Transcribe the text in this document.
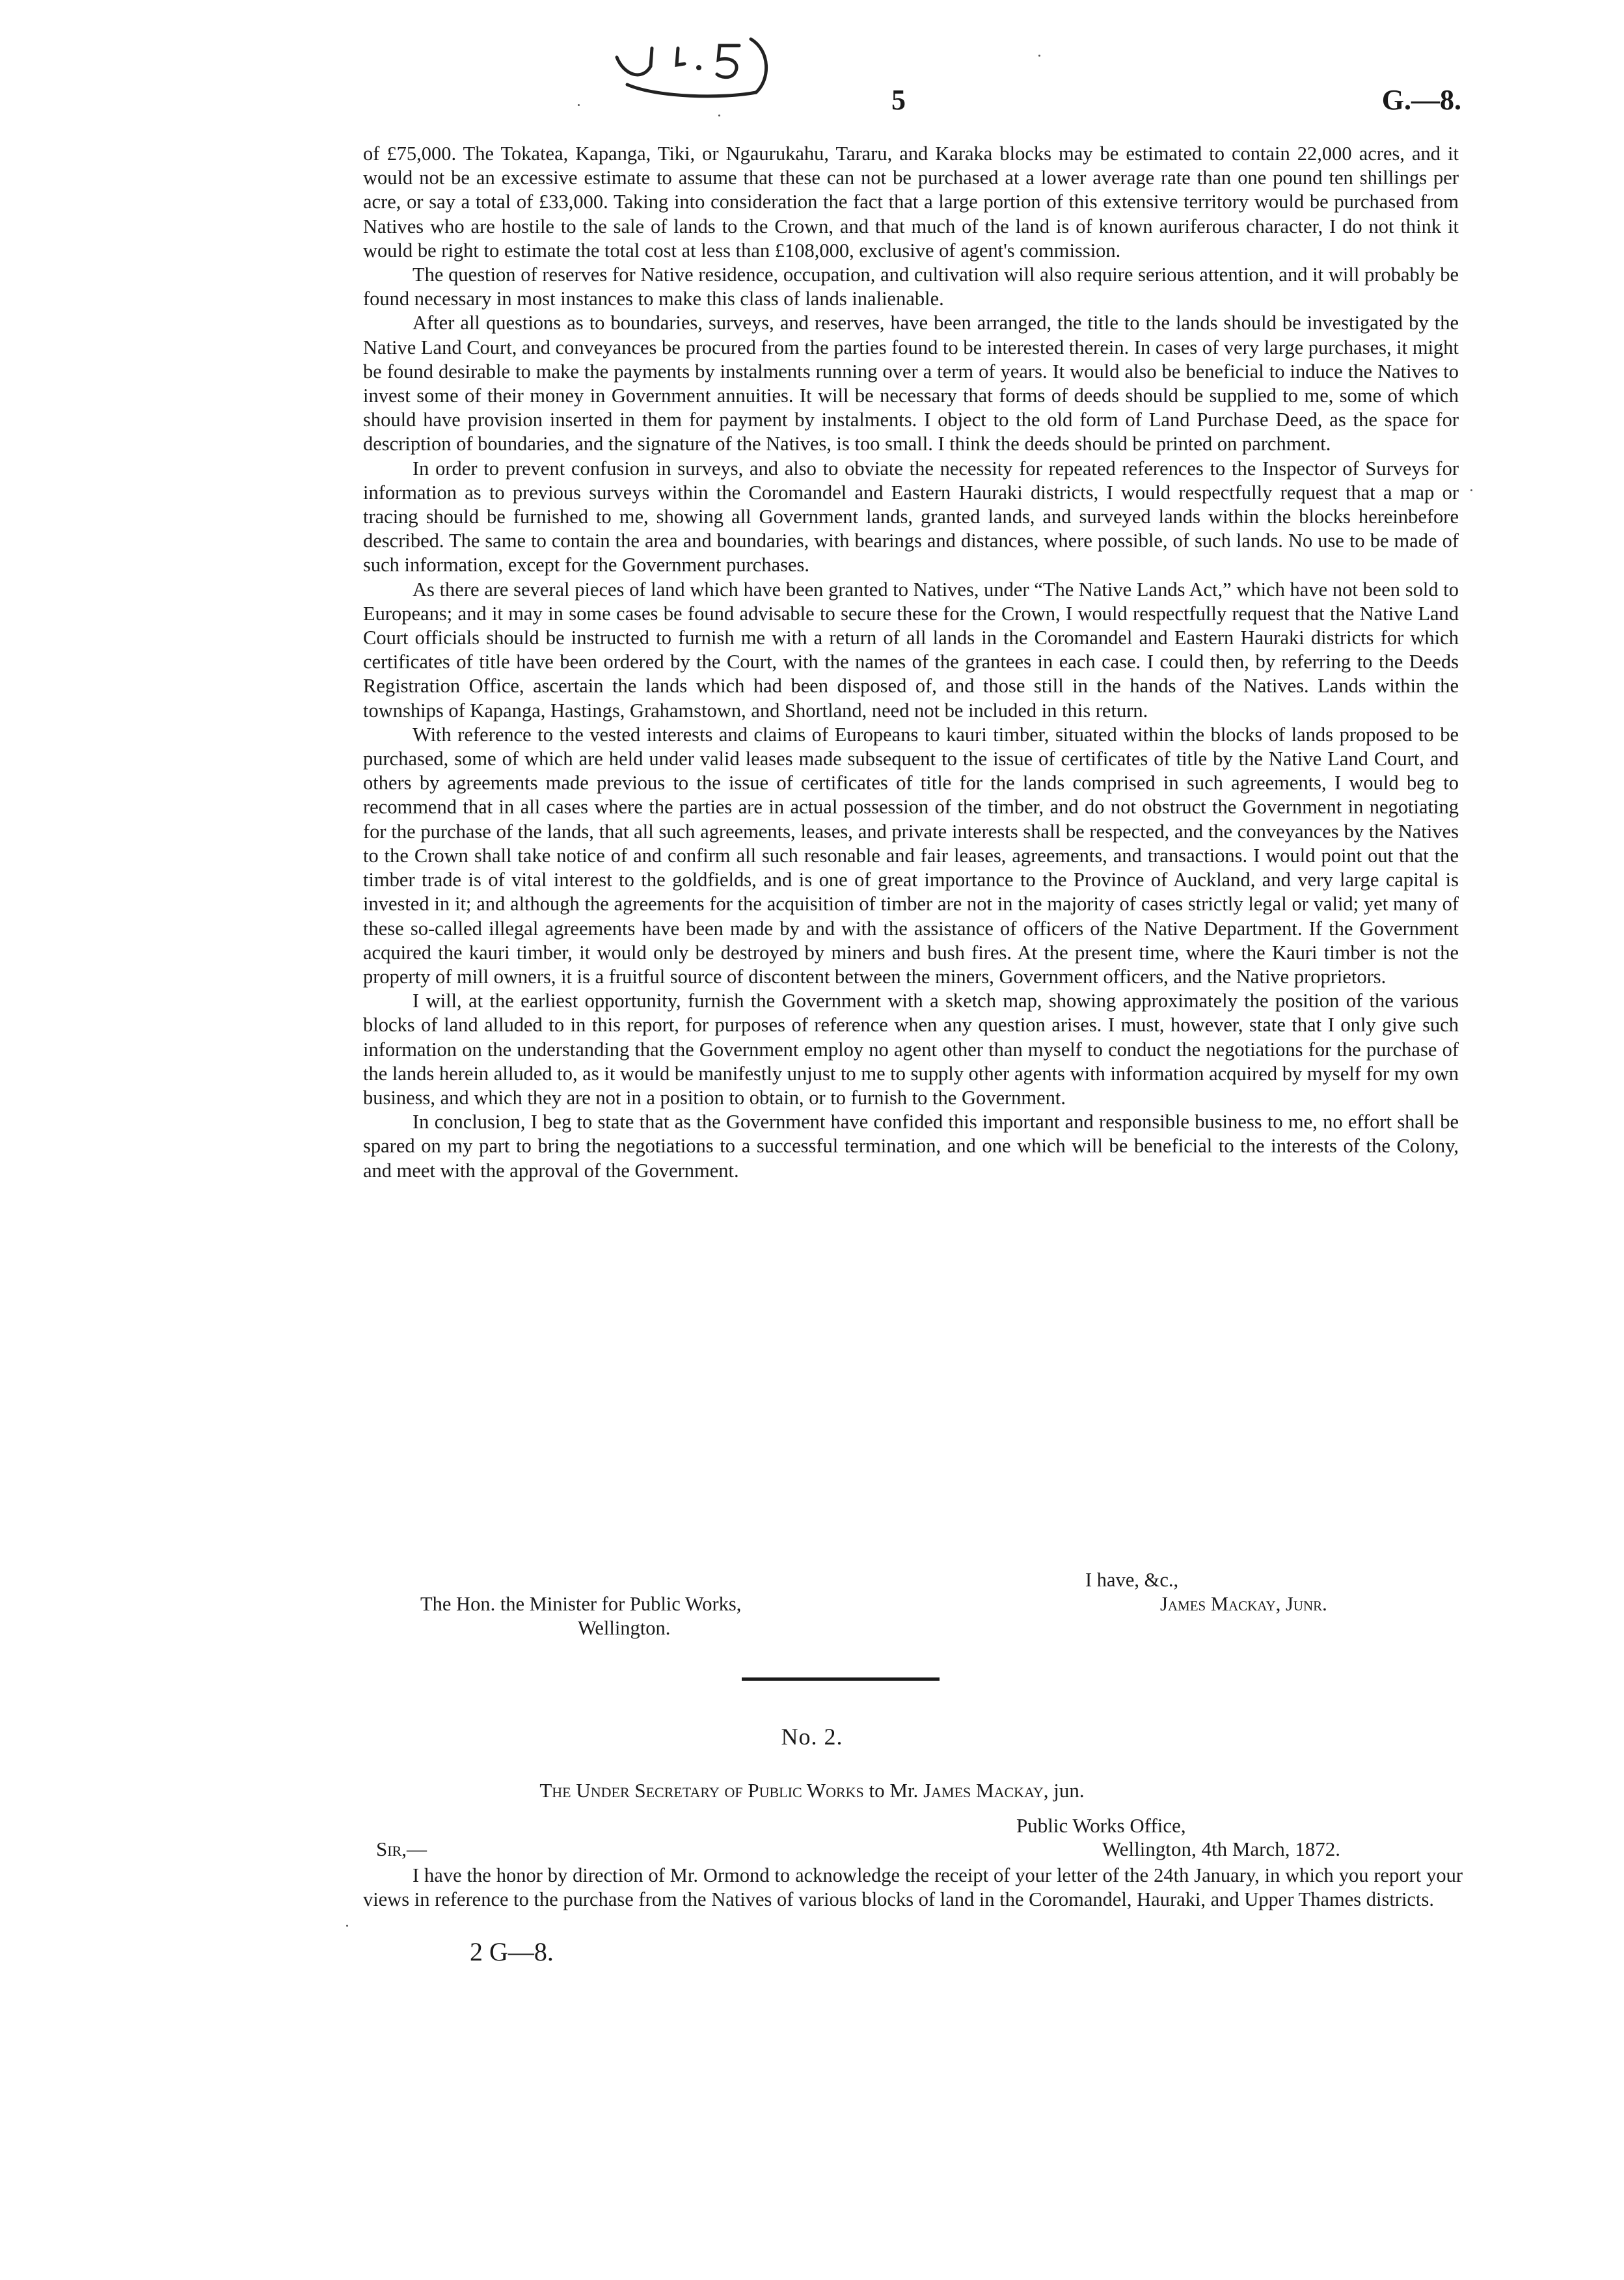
5	G.—8.

of £75,000. The Tokatea, Kapanga, Tiki, or Ngaurukahu, Tararu, and Karaka blocks may be estimated to contain 22,000 acres, and it would not be an excessive estimate to assume that these can not be purchased at a lower average rate than one pound ten shillings per acre, or say a total of £33,000. Taking into consideration the fact that a large portion of this extensive territory would be purchased from Natives who are hostile to the sale of lands to the Crown, and that much of the land is of known auriferous character, I do not think it would be right to estimate the total cost at less than £108,000, exclusive of agent's commission.

The question of reserves for Native residence, occupation, and cultivation will also require serious attention, and it will probably be found necessary in most instances to make this class of lands inalienable.

After all questions as to boundaries, surveys, and reserves, have been arranged, the title to the lands should be investigated by the Native Land Court, and conveyances be procured from the parties found to be interested therein. In cases of very large purchases, it might be found desirable to make the payments by instalments running over a term of years. It would also be beneficial to induce the Natives to invest some of their money in Government annuities. It will be necessary that forms of deeds should be supplied to me, some of which should have provision inserted in them for payment by instalments. I object to the old form of Land Purchase Deed, as the space for description of boundaries, and the signature of the Natives, is too small. I think the deeds should be printed on parchment.

In order to prevent confusion in surveys, and also to obviate the necessity for repeated references to the Inspector of Surveys for information as to previous surveys within the Coromandel and Eastern Hauraki districts, I would respectfully request that a map or tracing should be furnished to me, showing all Government lands, granted lands, and surveyed lands within the blocks hereinbefore described. The same to contain the area and boundaries, with bearings and distances, where possible, of such lands. No use to be made of such information, except for the Government purchases.

As there are several pieces of land which have been granted to Natives, under “The Native Lands Act,” which have not been sold to Europeans; and it may in some cases be found advisable to secure these for the Crown, I would respectfully request that the Native Land Court officials should be instructed to furnish me with a return of all lands in the Coromandel and Eastern Hauraki districts for which certificates of title have been ordered by the Court, with the names of the grantees in each case. I could then, by referring to the Deeds Registration Office, ascertain the lands which had been disposed of, and those still in the hands of the Natives. Lands within the townships of Kapanga, Hastings, Grahamstown, and Shortland, need not be included in this return.

With reference to the vested interests and claims of Europeans to kauri timber, situated within the blocks of lands proposed to be purchased, some of which are held under valid leases made subsequent to the issue of certificates of title by the Native Land Court, and others by agreements made previous to the issue of certificates of title for the lands comprised in such agreements, I would beg to recommend that in all cases where the parties are in actual possession of the timber, and do not obstruct the Government in negotiating for the purchase of the lands, that all such agreements, leases, and private interests shall be respected, and the conveyances by the Natives to the Crown shall take notice of and confirm all such resonable and fair leases, agreements, and transactions. I would point out that the timber trade is of vital interest to the goldfields, and is one of great importance to the Province of Auckland, and very large capital is invested in it; and although the agreements for the acquisition of timber are not in the majority of cases strictly legal or valid; yet many of these so-called illegal agreements have been made by and with the assistance of officers of the Native Department. If the Government acquired the kauri timber, it would only be destroyed by miners and bush fires. At the present time, where the Kauri timber is not the property of mill owners, it is a fruitful source of discontent between the miners, Government officers, and the Native proprietors.

I will, at the earliest opportunity, furnish the Government with a sketch map, showing approximately the position of the various blocks of land alluded to in this report, for purposes of reference when any question arises. I must, however, state that I only give such information on the understanding that the Government employ no agent other than myself to conduct the negotiations for the purchase of the lands herein alluded to, as it would be manifestly unjust to me to supply other agents with information acquired by myself for my own business, and which they are not in a position to obtain, or to furnish to the Government.

In conclusion, I beg to state that as the Government have confided this important and responsible business to me, no effort shall be spared on my part to bring the negotiations to a successful termination, and one which will be beneficial to the interests of the Colony, and meet with the approval of the Government.

I have, &c.,
James Mackay, Junr.
The Hon. the Minister for Public Works,
Wellington.
No. 2.
The Under Secretary of Public Works to Mr. James Mackay, jun.
Public Works Office,
Wellington, 4th March, 1872.
Sir,—

I have the honor by direction of Mr. Ormond to acknowledge the receipt of your letter of the 24th January, in which you report your views in reference to the purchase from the Natives of various blocks of land in the Coromandel, Hauraki, and Upper Thames districts.

2 G—8.
